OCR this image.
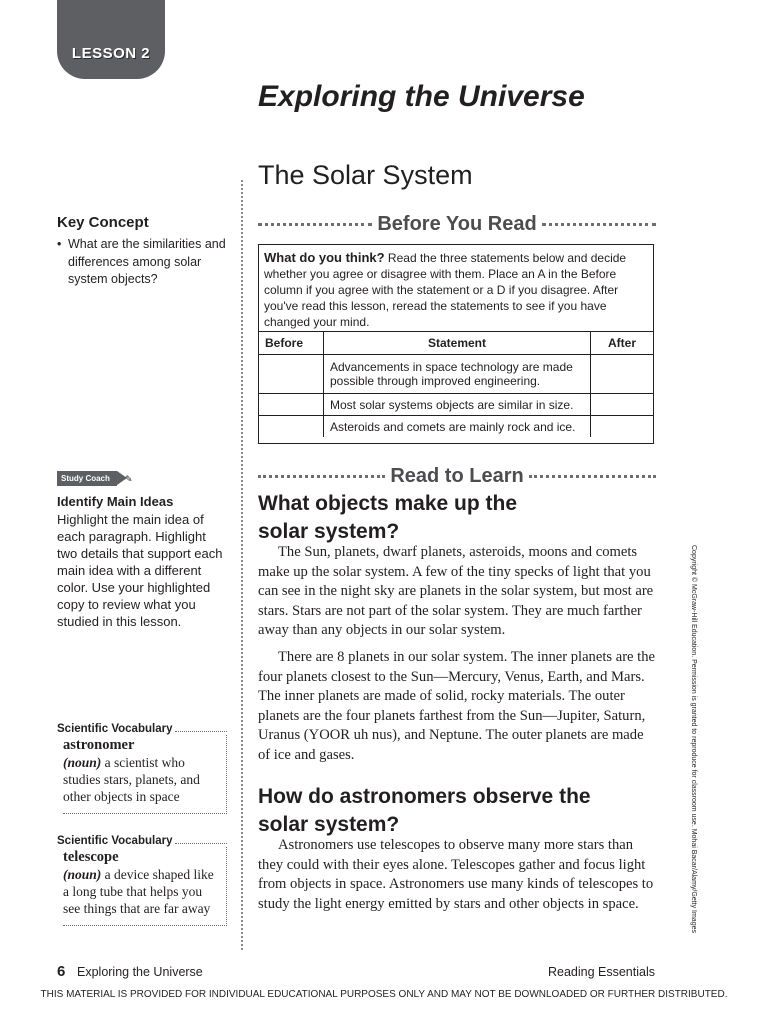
LESSON 2
Exploring the Universe
The Solar System
Key Concept
• What are the similarities and differences among solar system objects?
Before You Read
What do you think? Read the three statements below and decide whether you agree or disagree with them. Place an A in the Before column if you agree with the statement or a D if you disagree. After you've read this lesson, reread the statements to see if you have changed your mind.
Before	Statement	After
	Advancements in space technology are made possible through improved engineering.	
	Most solar systems objects are similar in size.	
	Asteroids and comets are mainly rock and ice.	
Study Coach ✎
Identify Main Ideas
Highlight the main idea of each paragraph. Highlight two details that support each main idea with a different color. Use your highlighted copy to review what you studied in this lesson.
Read to Learn
What objects make up the solar system?

The Sun, planets, dwarf planets, asteroids, moons and comets make up the solar system. A few of the tiny specks of light that you can see in the night sky are planets in the solar system, but most are stars. Stars are not part of the solar system. They are much farther away than any objects in our solar system.

There are 8 planets in our solar system. The inner planets are the four planets closest to the Sun—Mercury, Venus, Earth, and Mars. The inner planets are made of solid, rocky materials. The outer planets are the four planets farthest from the Sun—Jupiter, Saturn, Uranus (YOOR uh nus), and Neptune. The outer planets are made of ice and gases.

How do astronomers observe the solar system?

Astronomers use telescopes to observe many more stars than they could with their eyes alone. Telescopes gather and focus light from objects in space. Astronomers use many kinds of telescopes to study the light energy emitted by stars and other objects in space.

Scientific Vocabulary
astronomer
(noun) a scientist who studies stars, planets, and other objects in space
Scientific Vocabulary
telescope
(noun) a device shaped like a long tube that helps you see things that are far away	Copyright © McGraw-Hill Education. Permission is granted to reproduce for classroom use. Mohai Bacar/Alamy/Getty Images
6 Exploring the Universe	Reading Essentials
THIS MATERIAL IS PROVIDED FOR INDIVIDUAL EDUCATIONAL PURPOSES ONLY AND MAY NOT BE DOWNLOADED OR FURTHER DISTRIBUTED.
